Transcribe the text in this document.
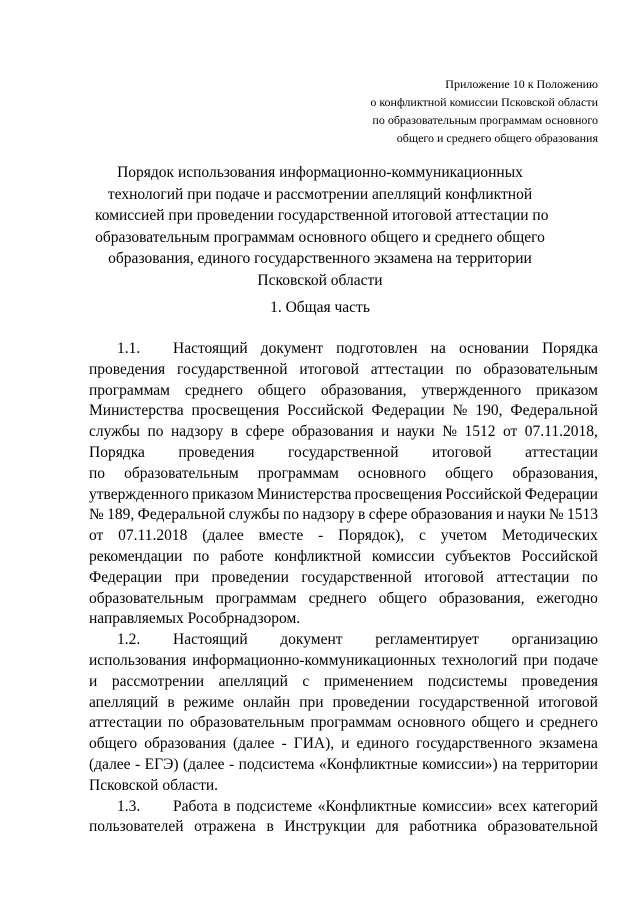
Приложение 10 к Положению
о конфликтной комиссии Псковской области
по образовательным программам основного
общего и среднего общего образования
Порядок использования информационно-коммуникационных
технологий при подаче и рассмотрении апелляций конфликтной
комиссией при проведении государственной итоговой аттестации по
образовательным программам основного общего и среднего общего
образования, единого государственного экзамена на территории
Псковской области
1. Общая часть
1.1.	Настоящий документ подготовлен на основании Порядка
проведения государственной итоговой аттестации по образовательным
программам среднего общего образования, утвержденного приказом
Министерства просвещения Российской Федерации № 190, Федеральной
службы по надзору в сфере образования и науки № 1512 от 07.11.2018,
Порядка проведения государственной итоговой аттестации
по образовательным программам основного общего образования,
утвержденного приказом Министерства просвещения Российской Федерации
№ 189, Федеральной службы по надзору в сфере образования и науки № 1513
от 07.11.2018 (далее вместе - Порядок), с учетом Методических
рекомендации по работе конфликтной комиссии субъектов Российской
Федерации при проведении государственной итоговой аттестации по
образовательным программам среднего общего образования, ежегодно
направляемых Рособрнадзором.
1.2.	Настоящий документ регламентирует организацию
использования информационно-коммуникационных технологий при подаче
и рассмотрении апелляций с применением подсистемы проведения
апелляций в режиме онлайн при проведении государственной итоговой
аттестации по образовательным программам основного общего и среднего
общего образования (далее - ГИА), и единого государственного экзамена
(далее - ЕГЭ) (далее - подсистема «Конфликтные комиссии») на территории
Псковской области.
1.3.	Работа в подсистеме «Конфликтные комиссии» всех категорий
пользователей отражена в Инструкции для работника образовательной
